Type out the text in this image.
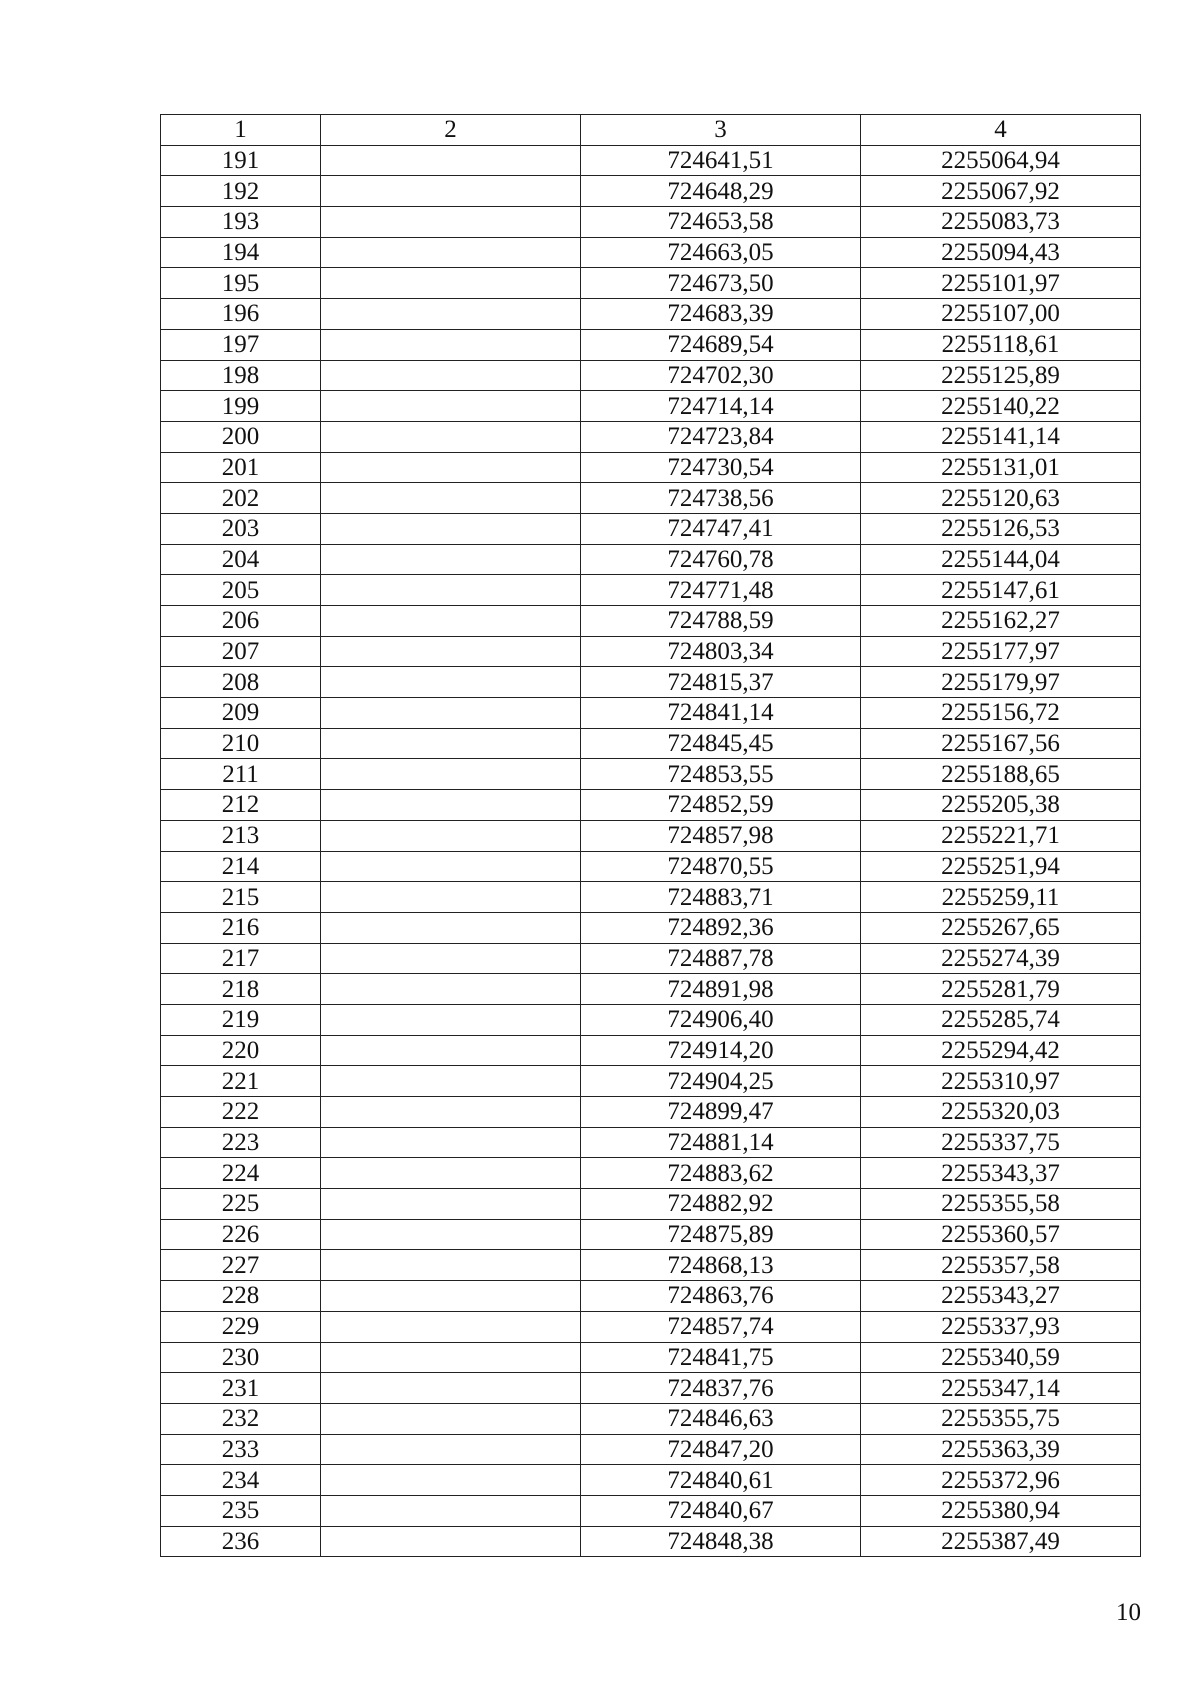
1	2	3	4
191		724641,51	2255064,94
192		724648,29	2255067,92
193		724653,58	2255083,73
194		724663,05	2255094,43
195		724673,50	2255101,97
196		724683,39	2255107,00
197		724689,54	2255118,61
198		724702,30	2255125,89
199		724714,14	2255140,22
200		724723,84	2255141,14
201		724730,54	2255131,01
202		724738,56	2255120,63
203		724747,41	2255126,53
204		724760,78	2255144,04
205		724771,48	2255147,61
206		724788,59	2255162,27
207		724803,34	2255177,97
208		724815,37	2255179,97
209		724841,14	2255156,72
210		724845,45	2255167,56
211		724853,55	2255188,65
212		724852,59	2255205,38
213		724857,98	2255221,71
214		724870,55	2255251,94
215		724883,71	2255259,11
216		724892,36	2255267,65
217		724887,78	2255274,39
218		724891,98	2255281,79
219		724906,40	2255285,74
220		724914,20	2255294,42
221		724904,25	2255310,97
222		724899,47	2255320,03
223		724881,14	2255337,75
224		724883,62	2255343,37
225		724882,92	2255355,58
226		724875,89	2255360,57
227		724868,13	2255357,58
228		724863,76	2255343,27
229		724857,74	2255337,93
230		724841,75	2255340,59
231		724837,76	2255347,14
232		724846,63	2255355,75
233		724847,20	2255363,39
234		724840,61	2255372,96
235		724840,67	2255380,94
236		724848,38	2255387,49
10
